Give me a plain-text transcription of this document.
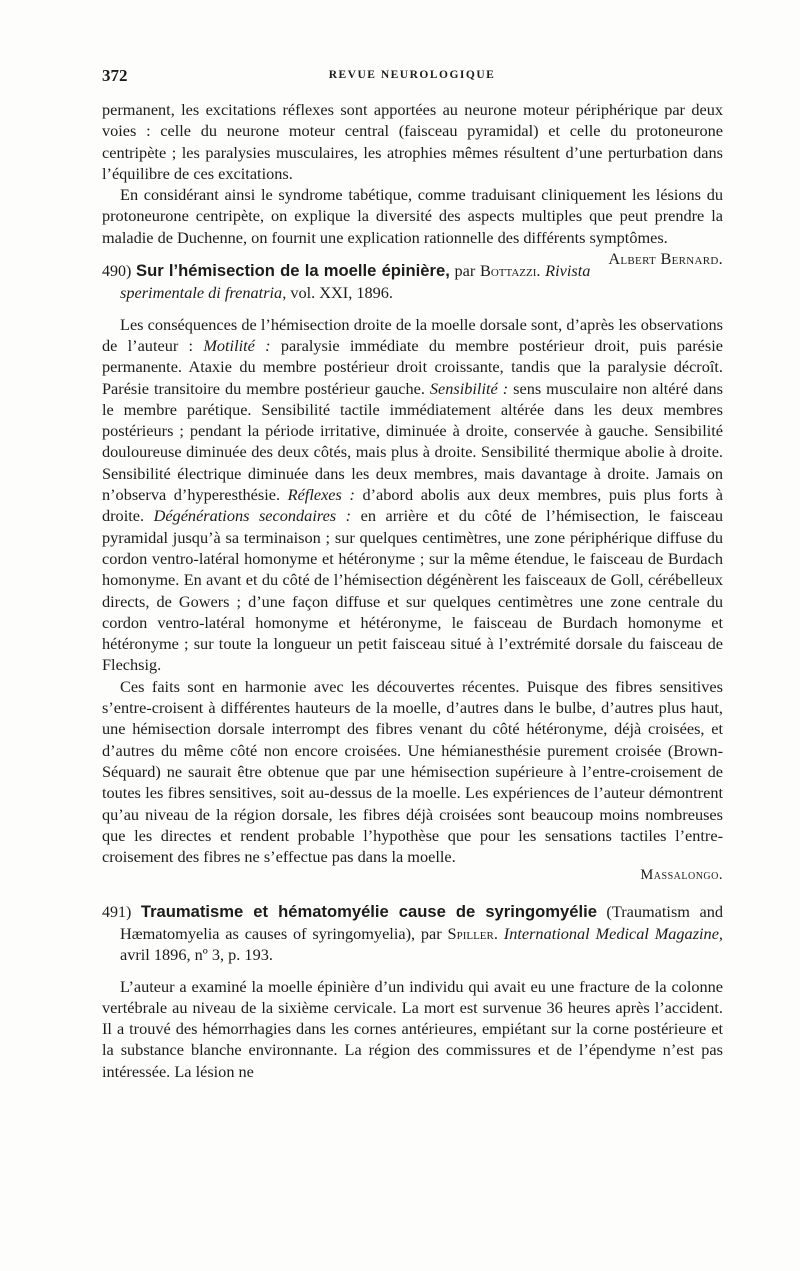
372	REVUE NEUROLOGIQUE

permanent, les excitations réflexes sont apportées au neurone moteur périphérique par deux voies : celle du neurone moteur central (faisceau pyramidal) et celle du protoneurone centripète ; les paralysies musculaires, les atrophies mêmes résultent d’une perturbation dans l’équilibre de ces excitations.

En considérant ainsi le syndrome tabétique, comme traduisant cliniquement les lésions du protoneurone centripète, on explique la diversité des aspects multiples que peut prendre la maladie de Duchenne, on fournit une explication rationnelle des différents symptômes.
Albert Bernard.

490) Sur l’hémisection de la moelle épinière, par Bottazzi. Rivista sperimentale di frenatria, vol. XXI, 1896.

Les conséquences de l’hémisection droite de la moelle dorsale sont, d’après les observations de l’auteur : Motilité : paralysie immédiate du membre postérieur droit, puis parésie permanente. Ataxie du membre postérieur droit croissante, tandis que la paralysie décroît. Parésie transitoire du membre postérieur gauche. Sensibilité : sens musculaire non altéré dans le membre parétique. Sensibilité tactile immédiatement altérée dans les deux membres postérieurs ; pendant la période irritative, diminuée à droite, conservée à gauche. Sensibilité douloureuse diminuée des deux côtés, mais plus à droite. Sensibilité thermique abolie à droite. Sensibilité électrique diminuée dans les deux membres, mais davantage à droite. Jamais on n’observa d’hyperesthésie. Réflexes : d’abord abolis aux deux membres, puis plus forts à droite. Dégénérations secondaires : en arrière et du côté de l’hémisection, le faisceau pyramidal jusqu’à sa terminaison ; sur quelques centimètres, une zone périphérique diffuse du cordon ventro-latéral homonyme et hétéronyme ; sur la même étendue, le faisceau de Burdach homonyme. En avant et du côté de l’hémisection dégénèrent les faisceaux de Goll, cérébelleux directs, de Gowers ; d’une façon diffuse et sur quelques centimètres une zone centrale du cordon ventro-latéral homonyme et hétéronyme, le faisceau de Burdach homonyme et hétéronyme ; sur toute la longueur un petit faisceau situé à l’extrémité dorsale du faisceau de Flechsig.

Ces faits sont en harmonie avec les découvertes récentes. Puisque des fibres sensitives s’entre-croisent à différentes hauteurs de la moelle, d’autres dans le bulbe, d’autres plus haut, une hémisection dorsale interrompt des fibres venant du côté hétéronyme, déjà croisées, et d’autres du même côté non encore croisées. Une hémianesthésie purement croisée (Brown-Séquard) ne saurait être obtenue que par une hémisection supérieure à l’entre-croisement de toutes les fibres sensitives, soit au-dessus de la moelle. Les expériences de l’auteur démontrent qu’au niveau de la région dorsale, les fibres déjà croisées sont beaucoup moins nombreuses que les directes et rendent probable l’hypothèse que pour les sensations tactiles l’entre-croisement des fibres ne s’effectue pas dans la moelle.

Massalongo.

491) Traumatisme et hématomyélie cause de syringomyélie (Traumatism and Hæmatomyelia as causes of syringomyelia), par Spiller. International Medical Magazine, avril 1896, nº 3, p. 193.

L’auteur a examiné la moelle épinière d’un individu qui avait eu une fracture de la colonne vertébrale au niveau de la sixième cervicale. La mort est survenue 36 heures après l’accident. Il a trouvé des hémorrhagies dans les cornes antérieures, empiétant sur la corne postérieure et la substance blanche environnante. La région des commissures et de l’épendyme n’est pas intéressée. La lésion ne
